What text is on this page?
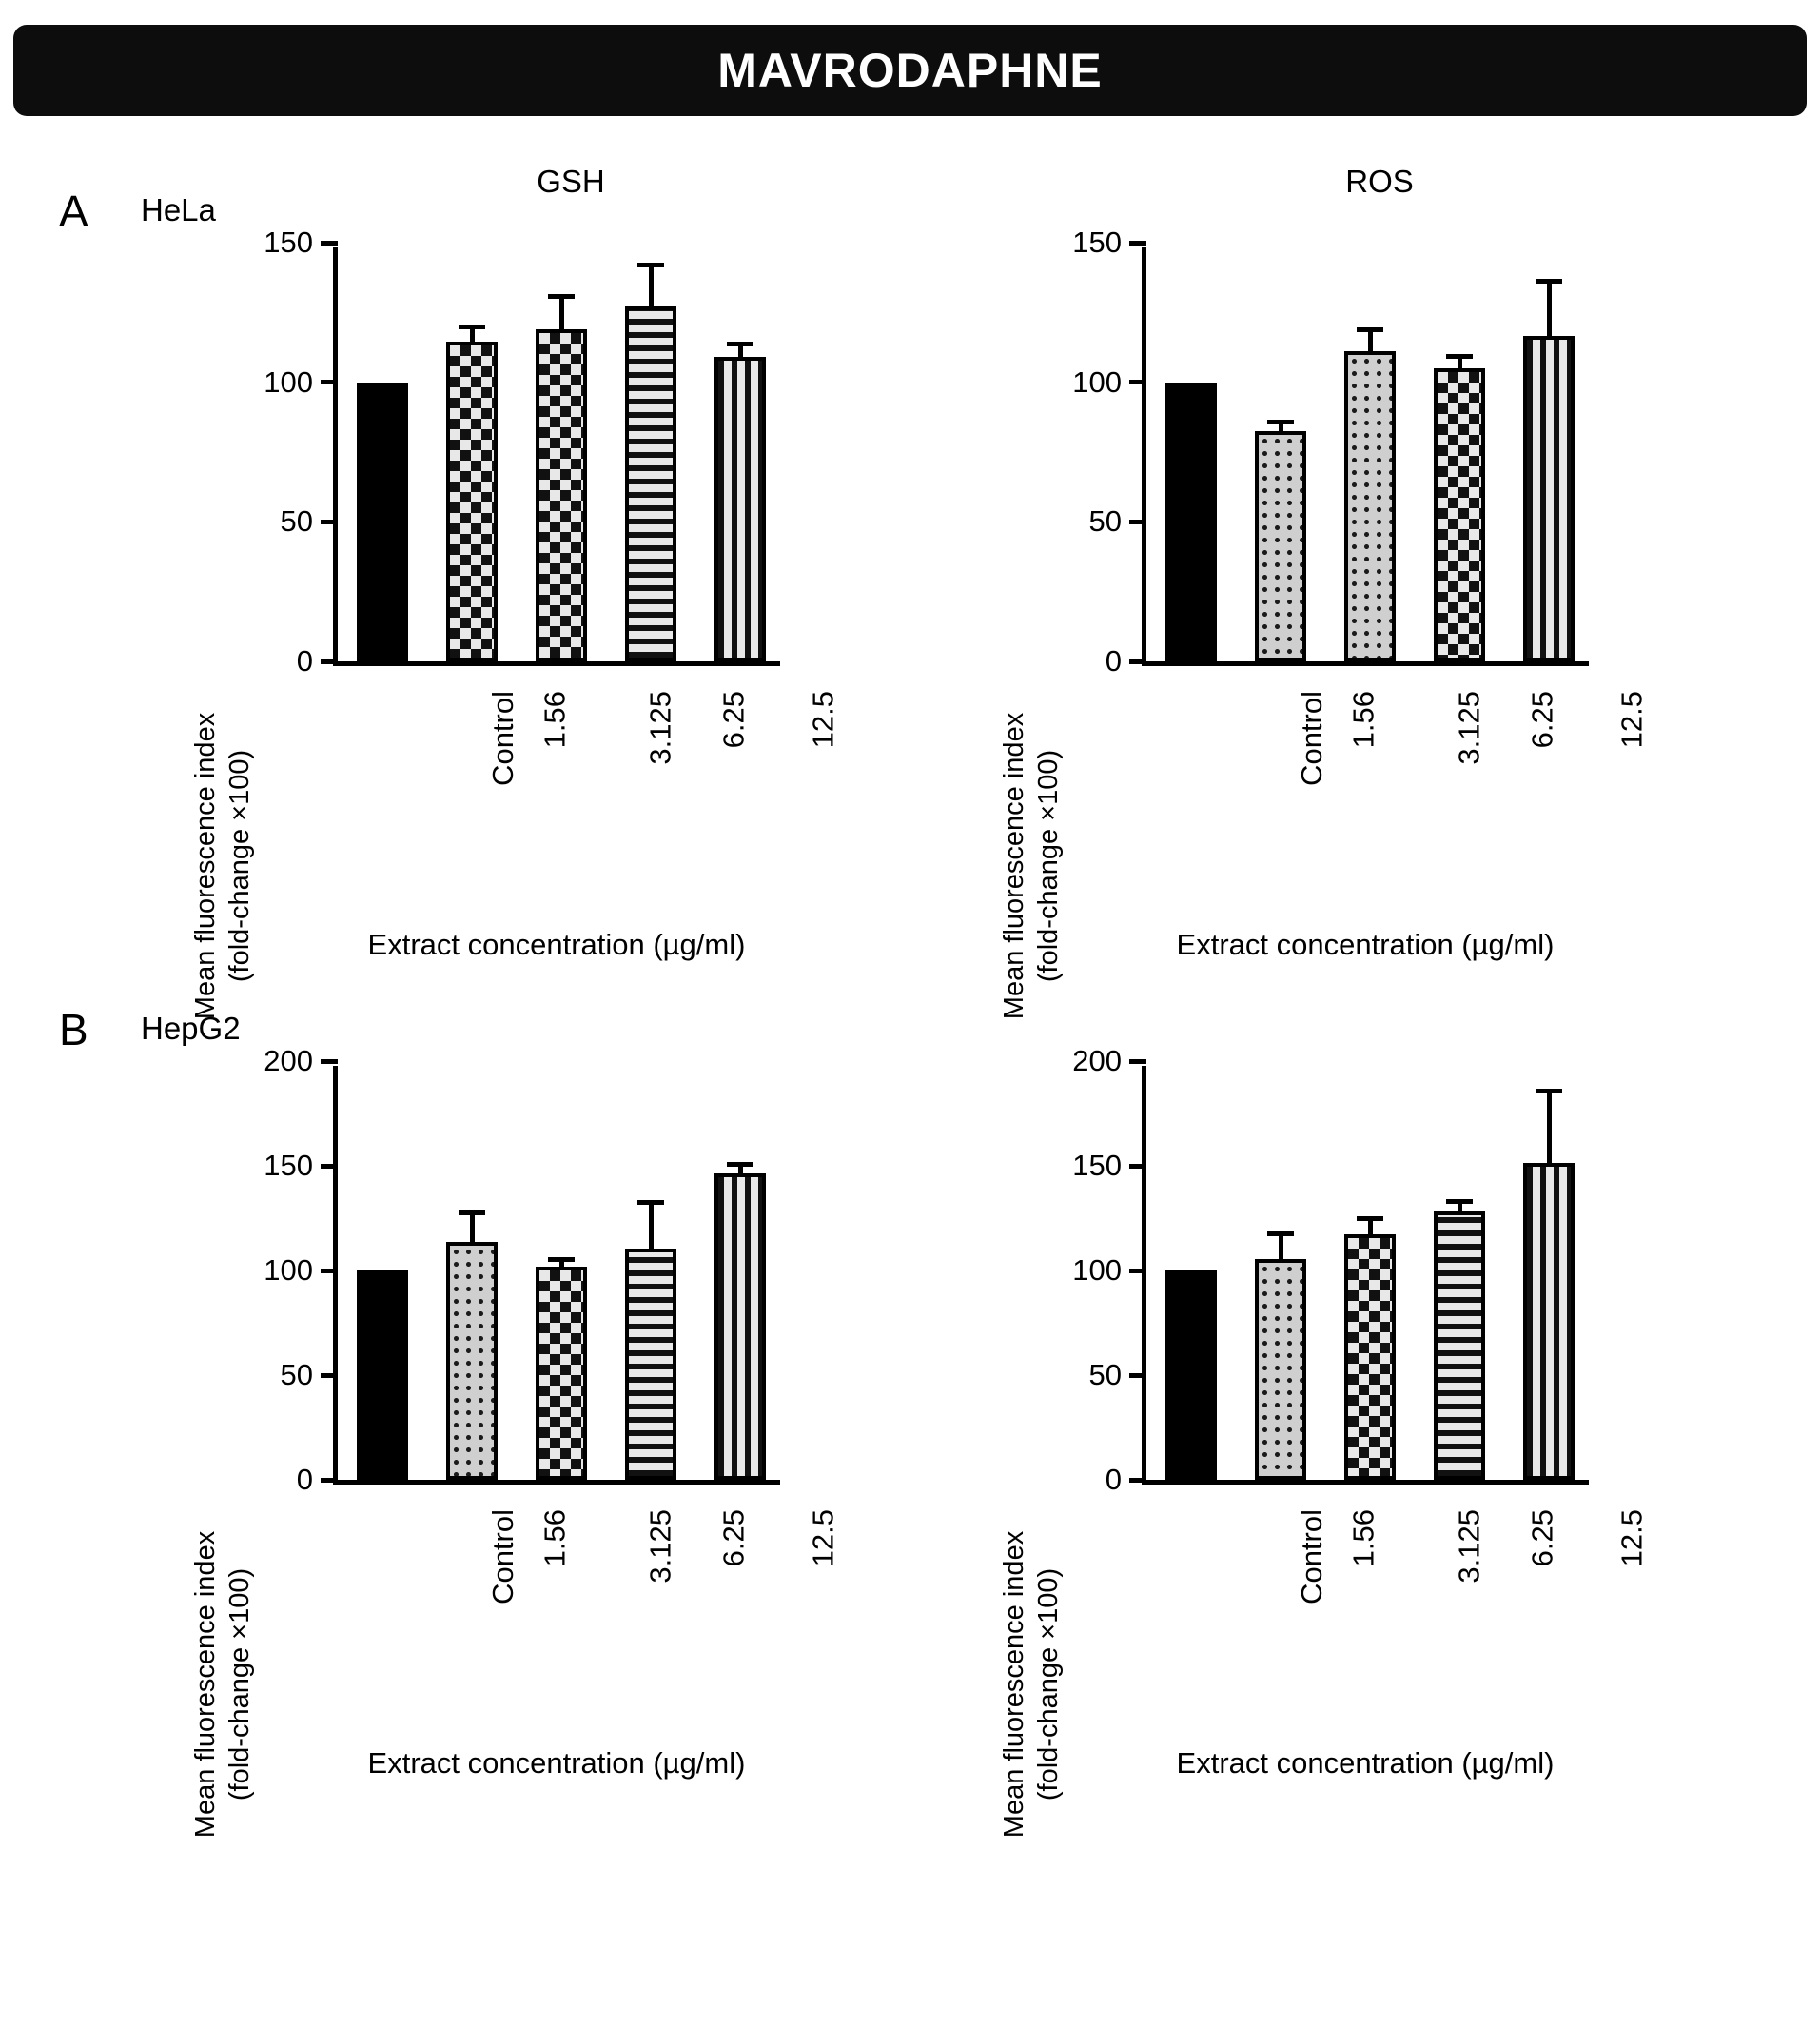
MAVRODAPHNE
GSH	ROS
A HeLa
B HepG2
Mean fluorescence index (fold-change ×100)
0
50
100
150
Control 1.56 3.125 6.25 12.5
Extract concentration (µg/ml)	Mean fluorescence index (fold-change ×100)
0
50
100
150
Control 1.56 3.125 6.25 12.5
Extract concentration (µg/ml)
Mean fluorescence index (fold-change ×100)
0
50
100
150
200
Control 1.56 3.125 6.25 12.5
Extract concentration (µg/ml)	Mean fluorescence index (fold-change ×100)
0
50
100
150
200
Control 1.56 3.125 6.25 12.5
Extract concentration (µg/ml)
